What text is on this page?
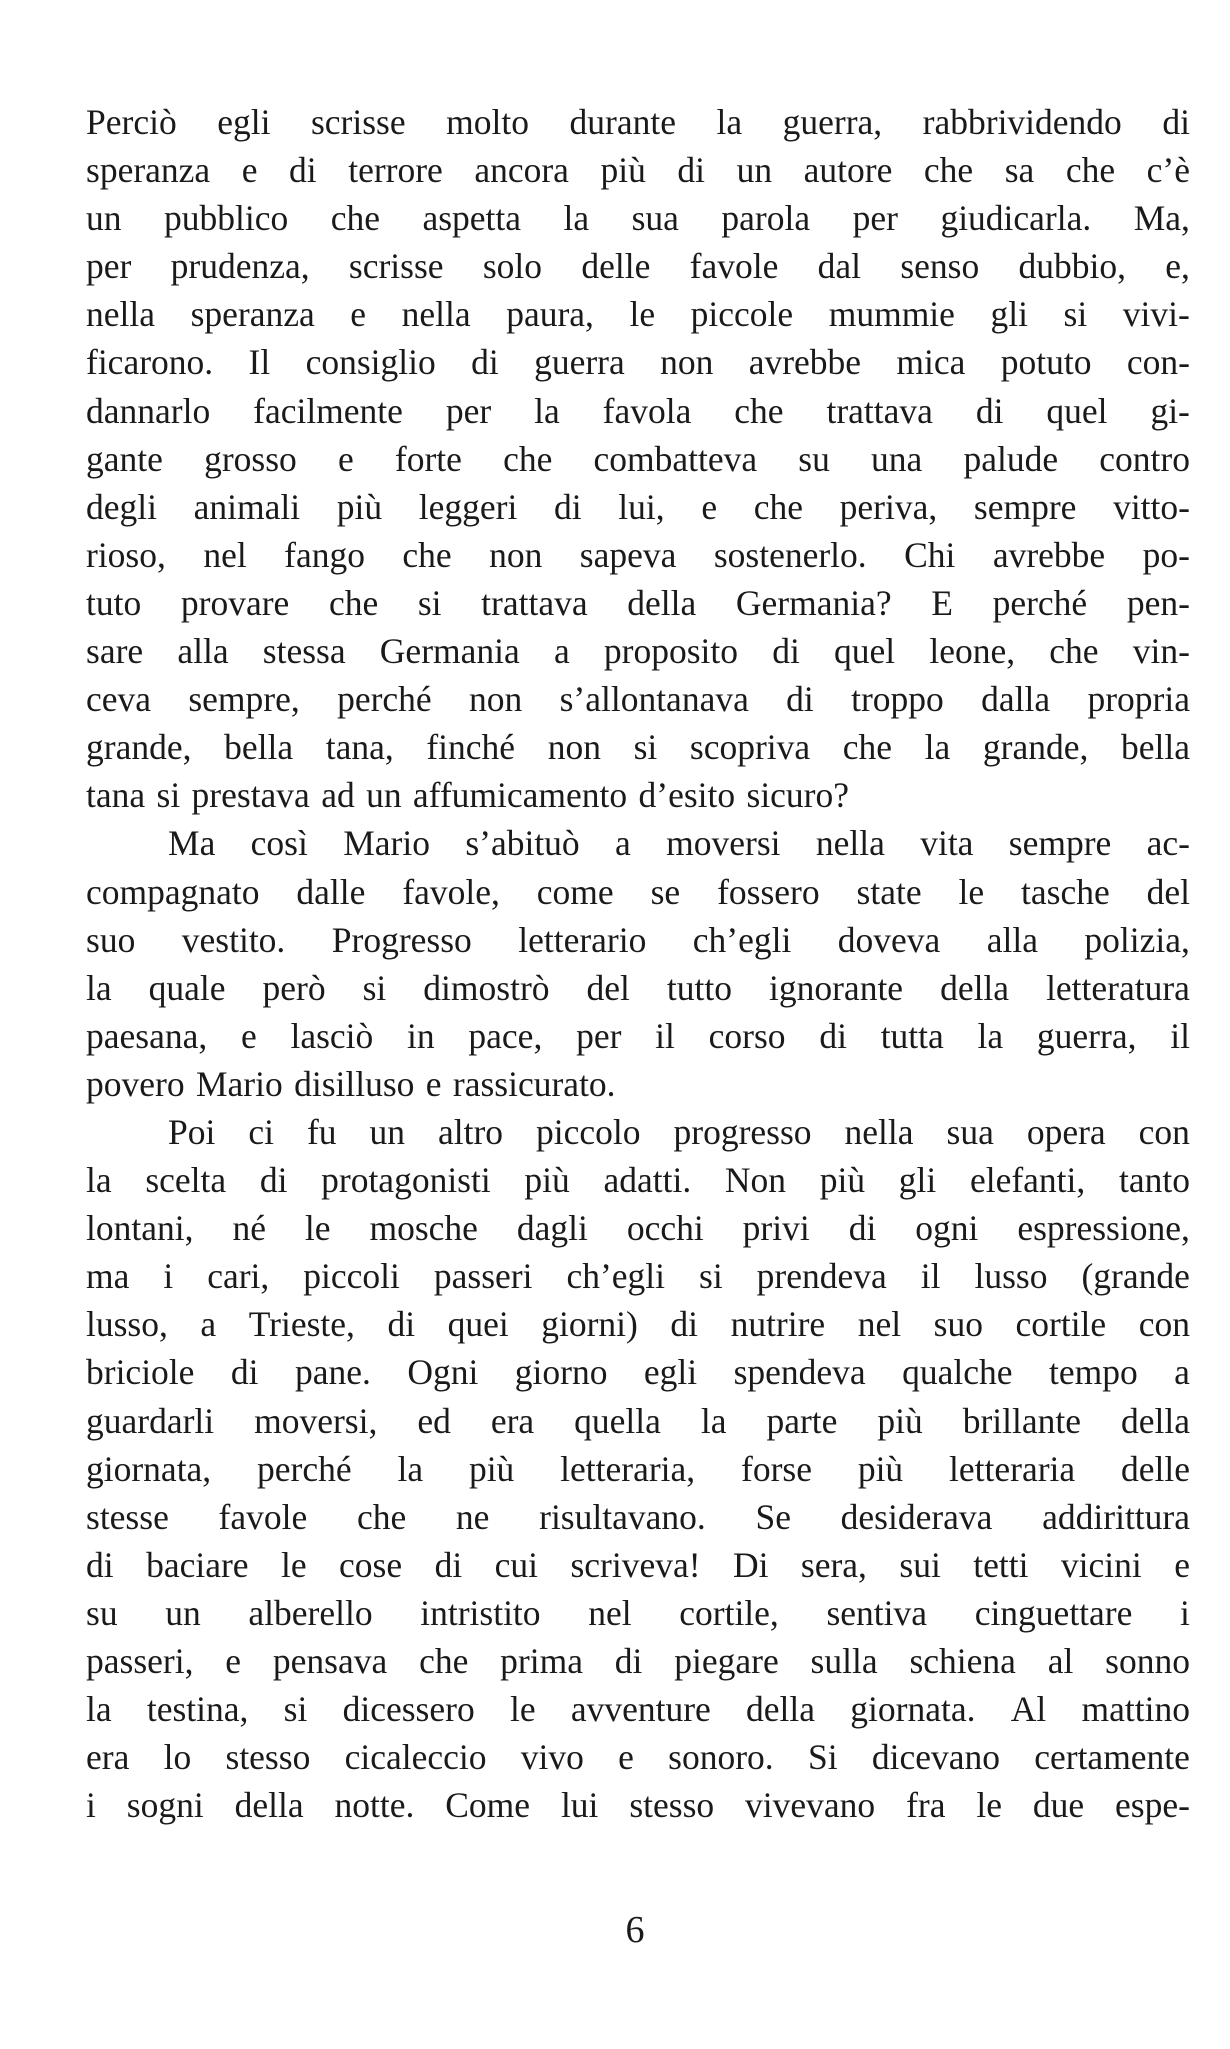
Perciò egli scrisse molto durante la guerra, rabbrividendo di
speranza e di terrore ancora più di un autore che sa che c’è
un pubblico che aspetta la sua parola per giudicarla. Ma,
per prudenza, scrisse solo delle favole dal senso dubbio, e,
nella speranza e nella paura, le piccole mummie gli si vivi-
ficarono. Il consiglio di guerra non avrebbe mica potuto con-
dannarlo facilmente per la favola che trattava di quel gi-
gante grosso e forte che combatteva su una palude contro
degli animali più leggeri di lui, e che periva, sempre vitto-
rioso, nel fango che non sapeva sostenerlo. Chi avrebbe po-
tuto provare che si trattava della Germania? E perché pen-
sare alla stessa Germania a proposito di quel leone, che vin-
ceva sempre, perché non s’allontanava di troppo dalla propria
grande, bella tana, finché non si scopriva che la grande, bella
tana si prestava ad un affumicamento d’esito sicuro?
Ma così Mario s’abituò a moversi nella vita sempre ac-
compagnato dalle favole, come se fossero state le tasche del
suo vestito. Progresso letterario ch’egli doveva alla polizia,
la quale però si dimostrò del tutto ignorante della letteratura
paesana, e lasciò in pace, per il corso di tutta la guerra, il
povero Mario disilluso e rassicurato.
Poi ci fu un altro piccolo progresso nella sua opera con
la scelta di protagonisti più adatti. Non più gli elefanti, tanto
lontani, né le mosche dagli occhi privi di ogni espressione,
ma i cari, piccoli passeri ch’egli si prendeva il lusso (grande
lusso, a Trieste, di quei giorni) di nutrire nel suo cortile con
briciole di pane. Ogni giorno egli spendeva qualche tempo a
guardarli moversi, ed era quella la parte più brillante della
giornata, perché la più letteraria, forse più letteraria delle
stesse favole che ne risultavano. Se desiderava addirittura
di baciare le cose di cui scriveva! Di sera, sui tetti vicini e
su un alberello intristito nel cortile, sentiva cinguettare i
passeri, e pensava che prima di piegare sulla schiena al sonno
la testina, si dicessero le avventure della giornata. Al mattino
era lo stesso cicaleccio vivo e sonoro. Si dicevano certamente
i sogni della notte. Come lui stesso vivevano fra le due espe-
6
